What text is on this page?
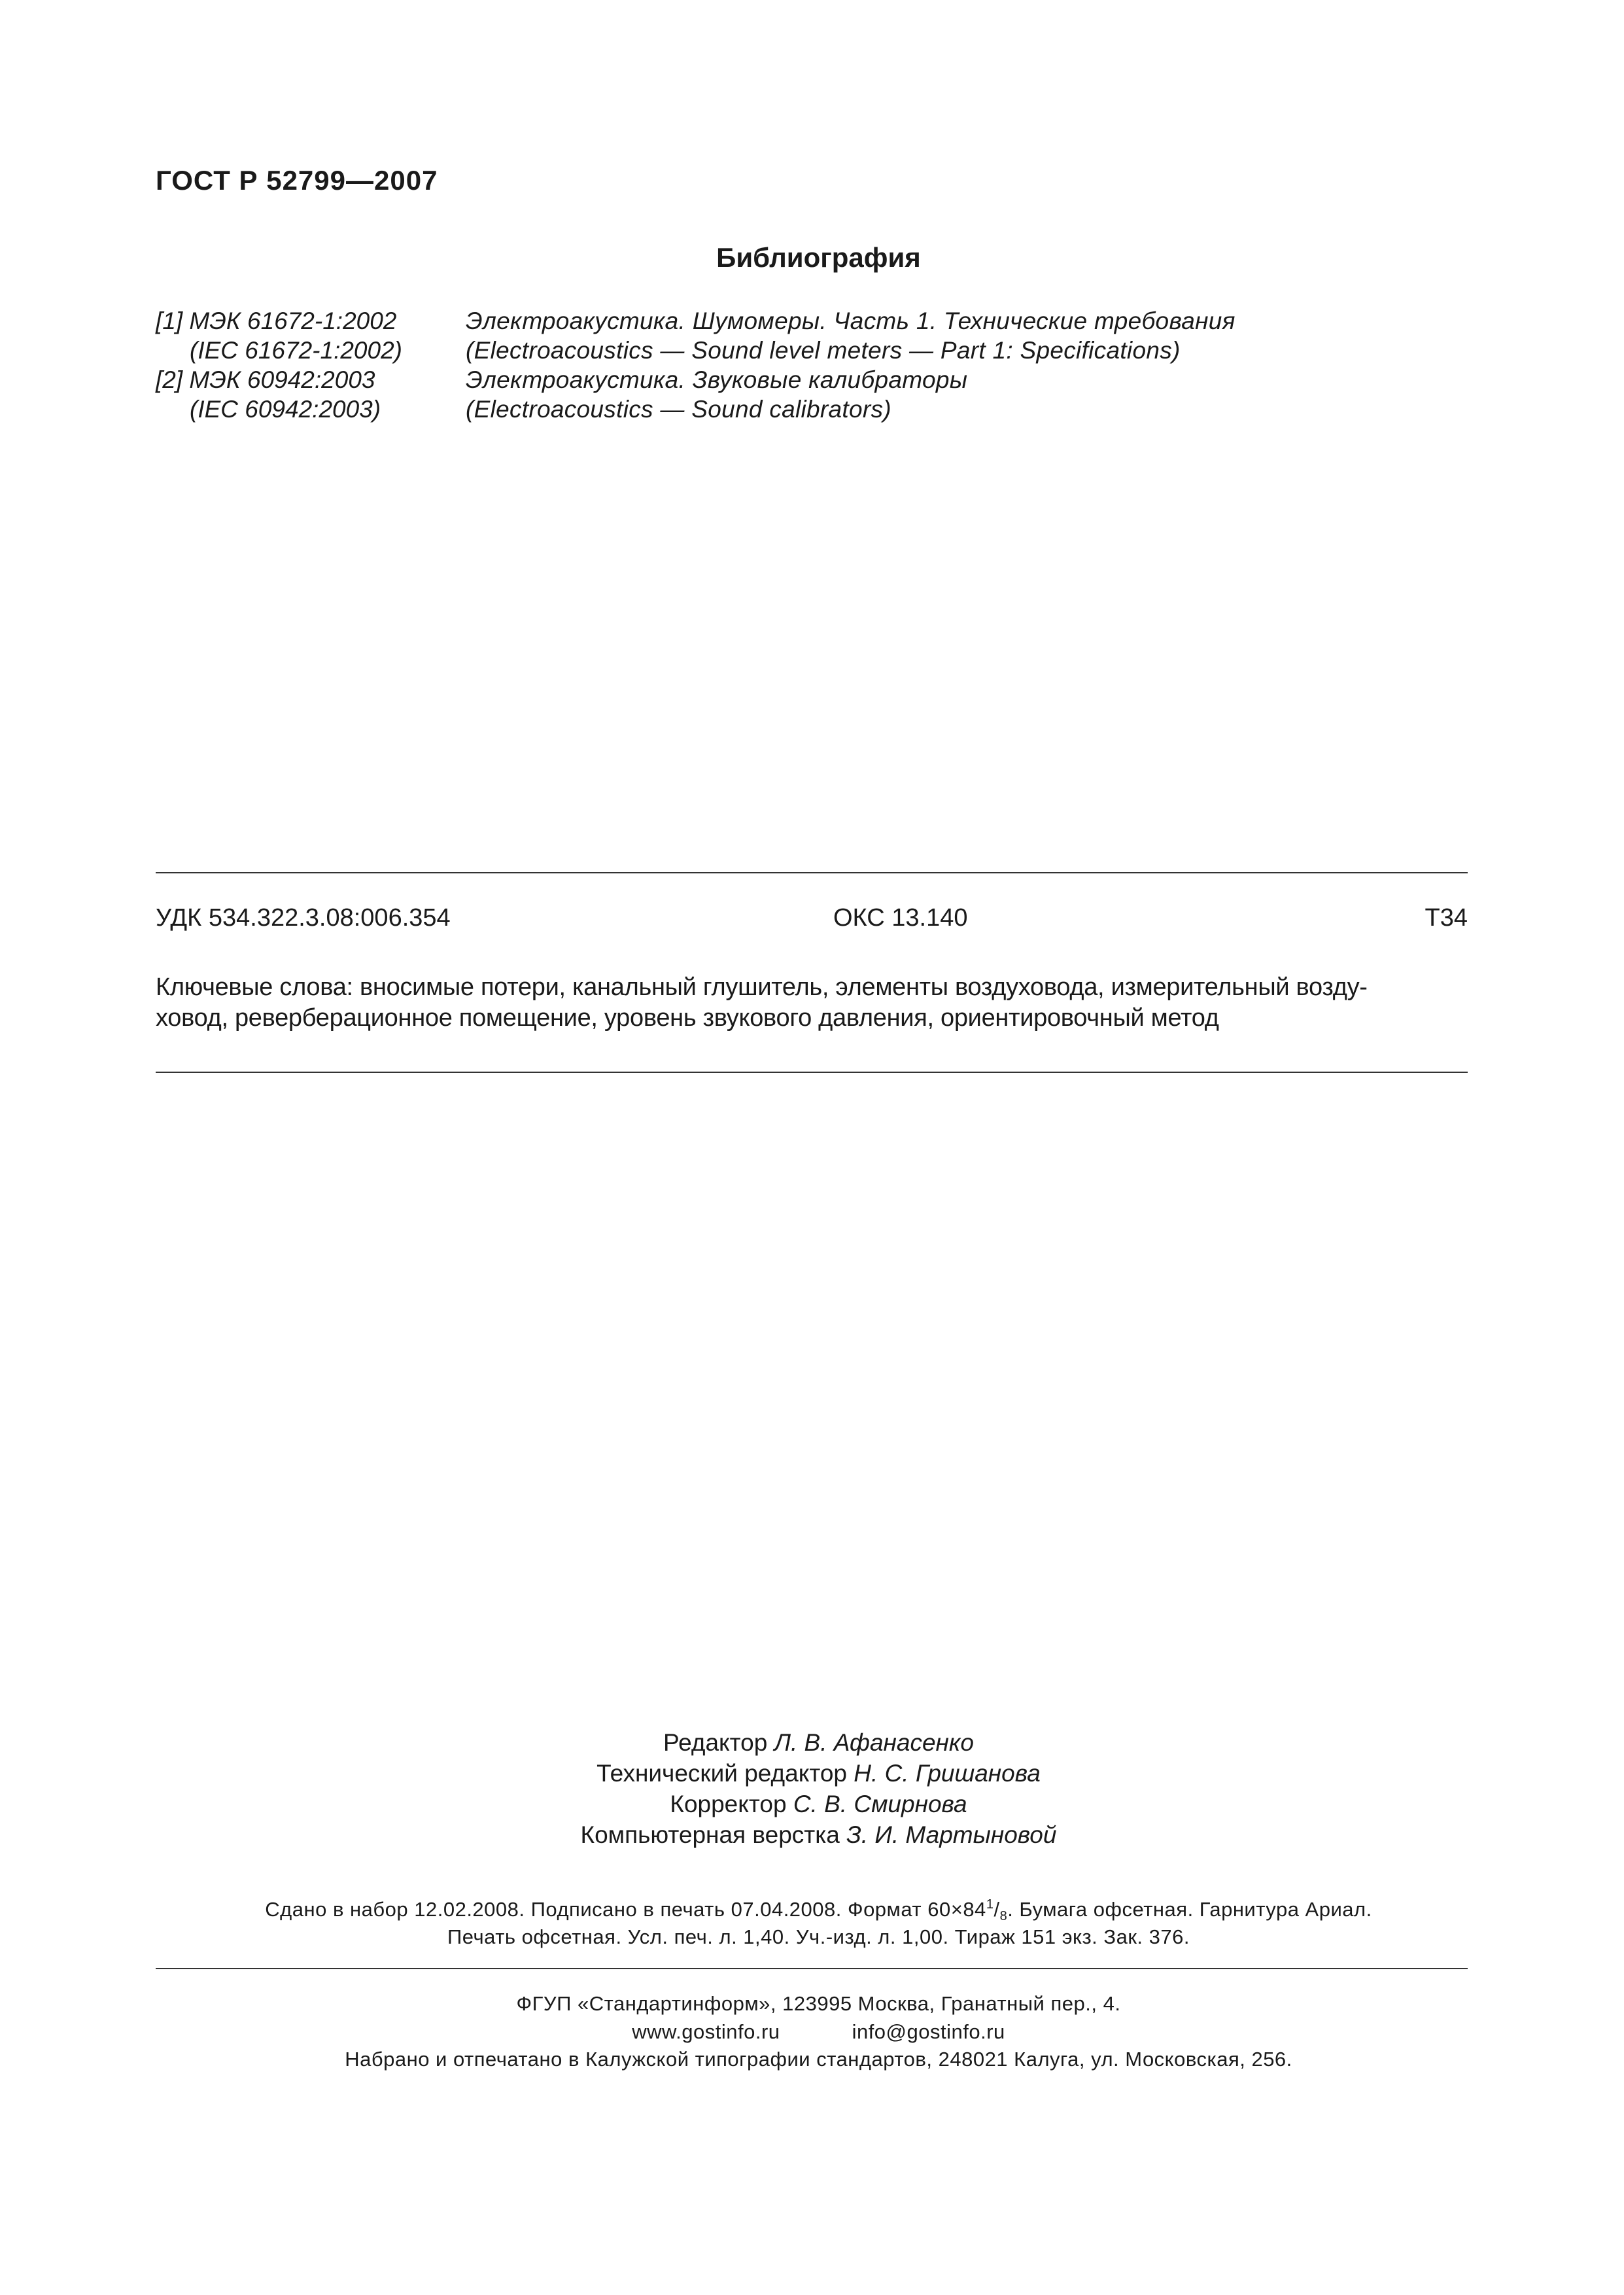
ГОСТ Р 52799—2007
Библиография
[1] МЭК 61672-1:2002	Электроакустика. Шумомеры. Часть 1. Технические требования
(IEC 61672-1:2002)	(Electroacoustics — Sound level meters — Part 1: Specifications)
[2] МЭК 60942:2003	Электроакустика. Звуковые калибраторы
(IEC 60942:2003)	(Electroacoustics — Sound calibrators)
УДК 534.322.3.08:006.354	ОКС 13.140	Т34
Ключевые слова: вносимые потери, канальный глушитель, элементы воздуховода, измерительный возду-
ховод, реверберационное помещение, уровень звукового давления, ориентировочный метод
Редактор Л. В. Афанасенко
Технический редактор Н. С. Гришанова
Корректор С. В. Смирнова
Компьютерная верстка З. И. Мартыновой
Сдано в набор 12.02.2008. Подписано в печать 07.04.2008. Формат $60\times 84^1/_8$. Бумага офсетная. Гарнитура Ариал.
Печать офсетная. Усл. печ. л. 1,40. Уч.-изд. л. 1,00. Тираж 151 экз. Зак. 376.
ФГУП «Стандартинформ», 123995 Москва, Гранатный пер., 4.
www.gostinfo.ru	info@gostinfo.ru
Набрано и отпечатано в Калужской типографии стандартов, 248021 Калуга, ул. Московская, 256.
